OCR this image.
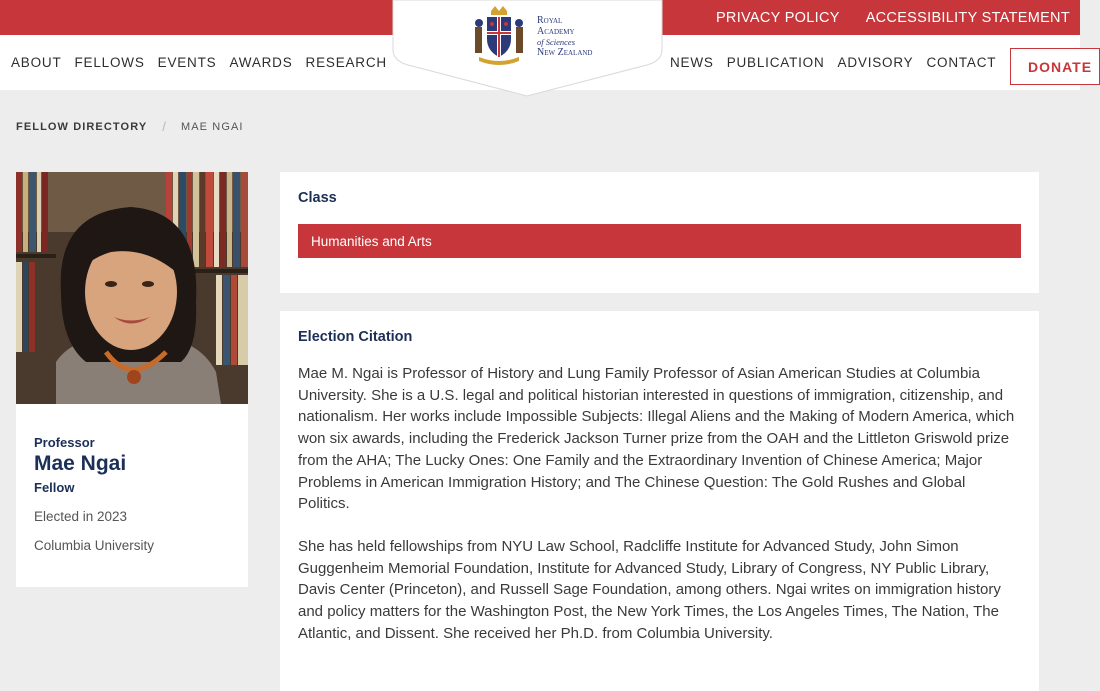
PRIVACY POLICY ACCESSIBILITY STATEMENT
ABOUT FELLOWS EVENTS AWARDS RESEARCH	NEWS PUBLICATION ADVISORY CONTACT	DONATE
Royal
Academy
of Sciences
New Zealand
FELLOW DIRECTORY / MAE NGAI
Professor
Mae Ngai
Fellow
Elected in 2023
Columbia University
Class
Humanities and Arts
Election Citation

Mae M. Ngai is Professor of History and Lung Family Professor of Asian American Studies at Columbia University. She is a U.S. legal and political historian interested in questions of immigration, citizenship, and nationalism. Her works include Impossible Subjects: Illegal Aliens and the Making of Modern America, which won six awards, including the Frederick Jackson Turner prize from the OAH and the Littleton Griswold prize from the AHA; The Lucky Ones: One Family and the Extraordinary Invention of Chinese America; Major Problems in American Immigration History; and The Chinese Question: The Gold Rushes and Global Politics.

She has held fellowships from NYU Law School, Radcliffe Institute for Advanced Study, John Simon Guggenheim Memorial Foundation, Institute for Advanced Study, Library of Congress, NY Public Library, Davis Center (Princeton), and Russell Sage Foundation, among others. Ngai writes on immigration history and policy matters for the Washington Post, the New York Times, the Los Angeles Times, The Nation, The Atlantic, and Dissent. She received her Ph.D. from Columbia University.
